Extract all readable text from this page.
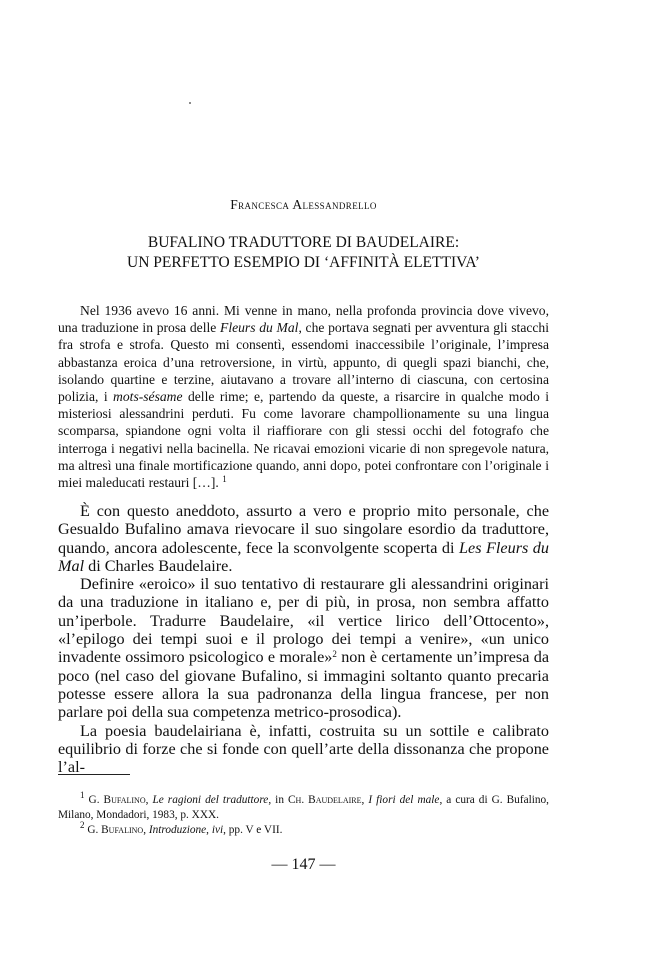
Francesca Alessandrello
BUFALINO TRADUTTORE DI BAUDELAIRE:
UN PERFETTO ESEMPIO DI ‘AFFINITÀ ELETTIVA’
Nel 1936 avevo 16 anni. Mi venne in mano, nella profonda provincia dove vivevo, una traduzione in prosa delle Fleurs du Mal, che portava segnati per avventura gli stacchi fra strofa e strofa. Questo mi consentì, essendomi inaccessibile l’originale, l’impresa abbastanza eroica d’una retroversione, in virtù, appunto, di quegli spazi bianchi, che, isolando quartine e terzine, aiutavano a trovare all’interno di ciascuna, con certosina polizia, i mots-sésame delle rime; e, partendo da queste, a risarcire in qualche modo i misteriosi alessandrini perduti. Fu come lavorare champollionamente su una lingua scomparsa, spiandone ogni volta il riaffiorare con gli stessi occhi del fotografo che interroga i negativi nella bacinella. Ne ricavai emozioni vicarie di non spregevole natura, ma altresì una finale mortificazione quando, anni dopo, potei confrontare con l’originale i miei maleducati restauri […]. $^1$

È con questo aneddoto, assurto a vero e proprio mito personale, che Gesualdo Bufalino amava rievocare il suo singolare esordio da traduttore, quando, ancora adolescente, fece la sconvolgente scoperta di Les Fleurs du Mal di Charles Baudelaire.

Definire «eroico» il suo tentativo di restaurare gli alessandrini originari da una traduzione in italiano e, per di più, in prosa, non sembra affatto un’iperbole. Tradurre Baudelaire, «il vertice lirico dell’Ottocento», «l’epilogo dei tempi suoi e il prologo dei tempi a venire», «un unico invadente ossimoro psicologico e morale»$^2$ non è certamente un’impresa da poco (nel caso del giovane Bufalino, si immagini soltanto quanto precaria potesse essere allora la sua padronanza della lingua francese, per non parlare poi della sua competenza metrico-prosodica).

La poesia baudelairiana è, infatti, costruita su un sottile e calibrato equilibrio di forze che si fonde con quell’arte della dissonanza che propone l’al-

$^1$ G. Bufalino, Le ragioni del traduttore, in Ch. Baudelaire, I fiori del male, a cura di G. Bufalino, Milano, Mondadori, 1983, p. XXX.

$^2$ G. Bufalino, Introduzione, ivi, pp. V e VII.

— 147 —
